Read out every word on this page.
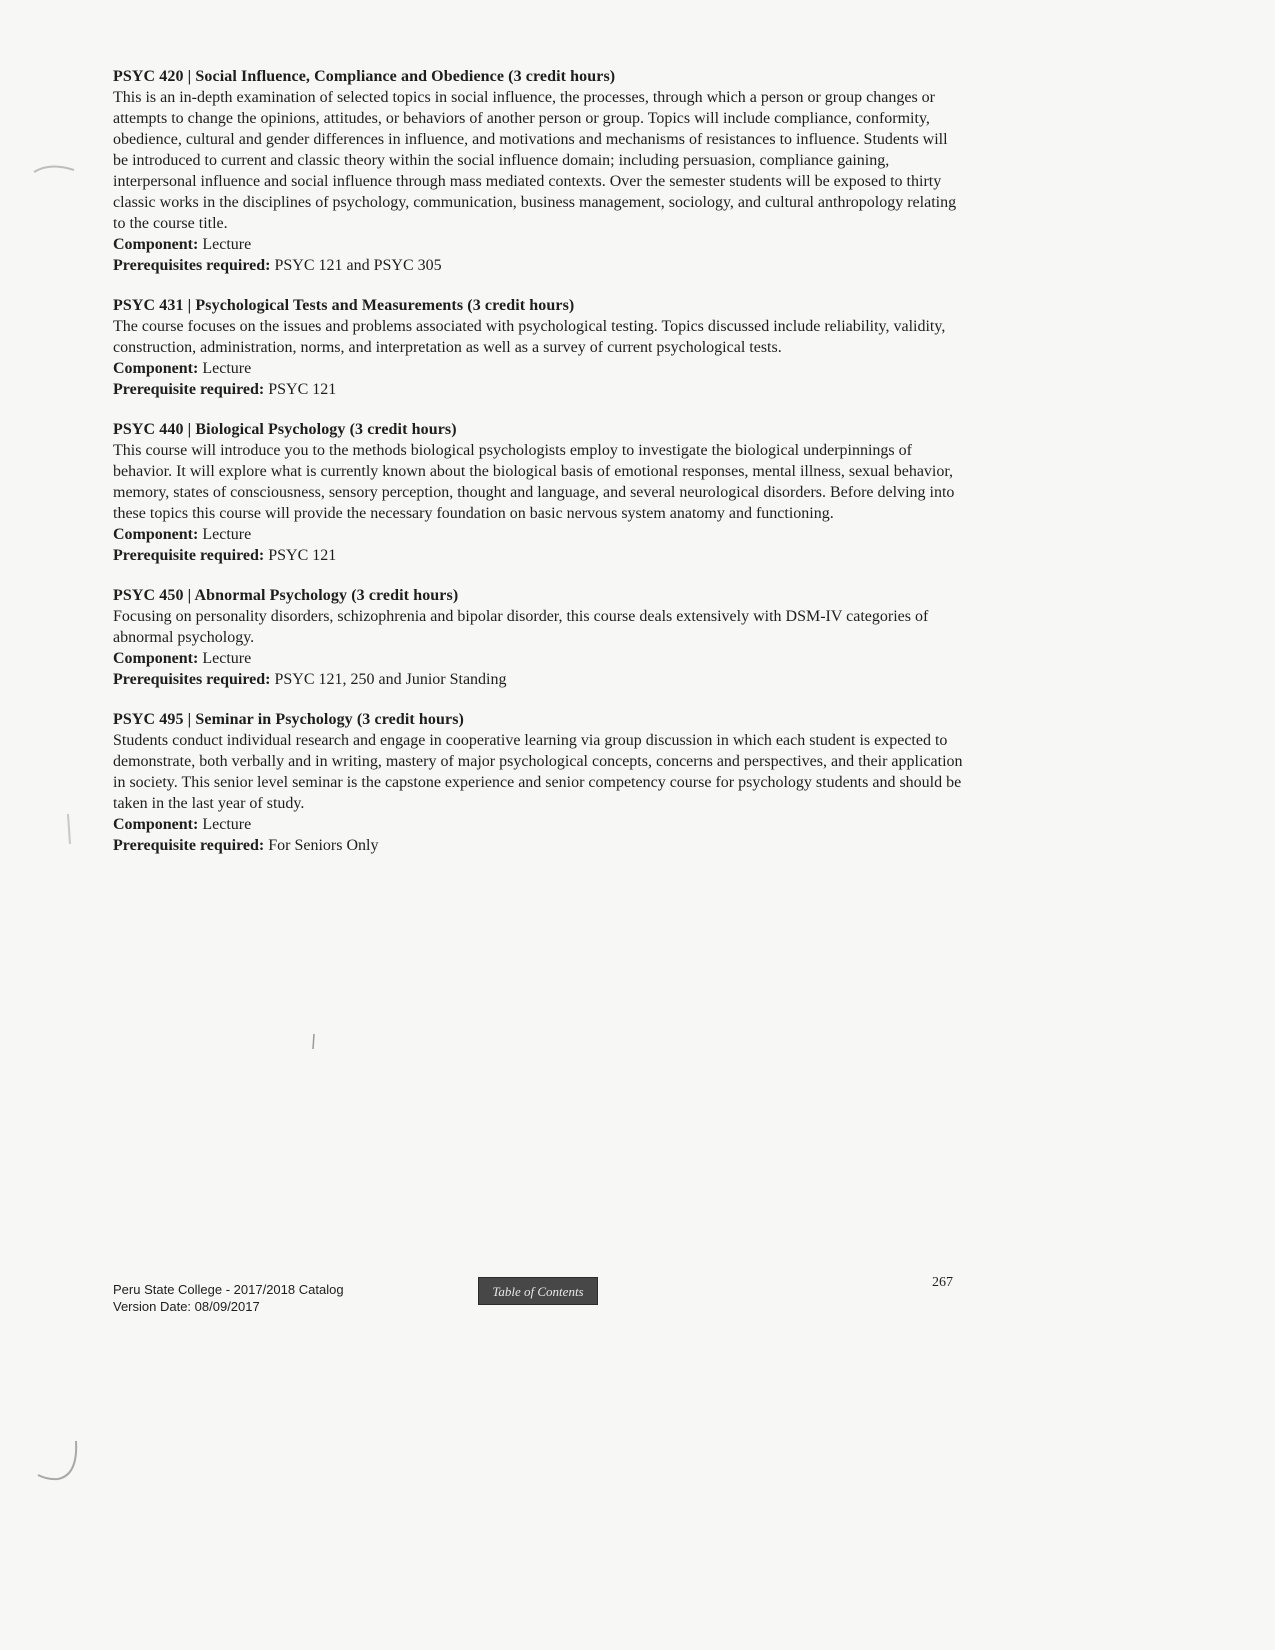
PSYC 420 | Social Influence, Compliance and Obedience (3 credit hours)
This is an in-depth examination of selected topics in social influence, the processes, through which a person or group changes or attempts to change the opinions, attitudes, or behaviors of another person or group. Topics will include compliance, conformity, obedience, cultural and gender differences in influence, and motivations and mechanisms of resistances to influence. Students will be introduced to current and classic theory within the social influence domain; including persuasion, compliance gaining, interpersonal influence and social influence through mass mediated contexts. Over the semester students will be exposed to thirty classic works in the disciplines of psychology, communication, business management, sociology, and cultural anthropology relating to the course title.
Component: Lecture
Prerequisites required: PSYC 121 and PSYC 305
PSYC 431 | Psychological Tests and Measurements (3 credit hours)
The course focuses on the issues and problems associated with psychological testing. Topics discussed include reliability, validity, construction, administration, norms, and interpretation as well as a survey of current psychological tests.
Component: Lecture
Prerequisite required: PSYC 121
PSYC 440 | Biological Psychology (3 credit hours)
This course will introduce you to the methods biological psychologists employ to investigate the biological underpinnings of behavior. It will explore what is currently known about the biological basis of emotional responses, mental illness, sexual behavior, memory, states of consciousness, sensory perception, thought and language, and several neurological disorders. Before delving into these topics this course will provide the necessary foundation on basic nervous system anatomy and functioning.
Component: Lecture
Prerequisite required: PSYC 121
PSYC 450 | Abnormal Psychology (3 credit hours)
Focusing on personality disorders, schizophrenia and bipolar disorder, this course deals extensively with DSM-IV categories of abnormal psychology.
Component: Lecture
Prerequisites required: PSYC 121, 250 and Junior Standing
PSYC 495 | Seminar in Psychology (3 credit hours)
Students conduct individual research and engage in cooperative learning via group discussion in which each student is expected to demonstrate, both verbally and in writing, mastery of major psychological concepts, concerns and perspectives, and their application in society. This senior level seminar is the capstone experience and senior competency course for psychology students and should be taken in the last year of study.
Component: Lecture
Prerequisite required: For Seniors Only
Peru State College - 2017/2018 Catalog
Version Date: 08/09/2017
Table of Contents
267
